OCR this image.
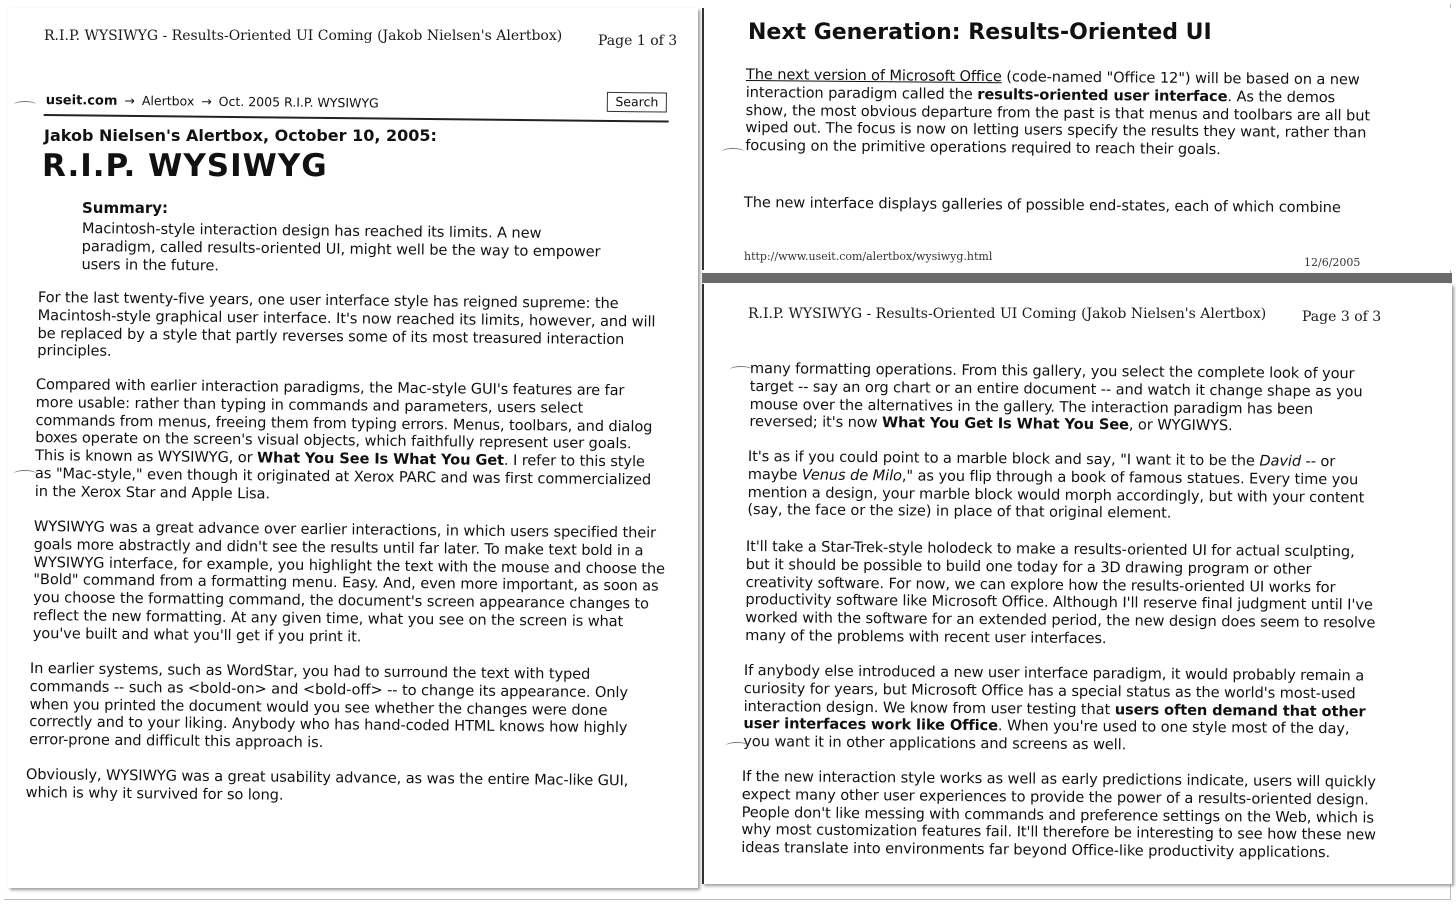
R.I.P. WYSIWYG - Results-Oriented UI Coming (Jakob Nielsen's Alertbox)	Page 1 of 3
useit.com → Alertbox → Oct. 2005 R.I.P. WYSIWYG	Search
Jakob Nielsen's Alertbox, October 10, 2005:
R.I.P. WYSIWYG
Summary:

Macintosh-style interaction design has reached its limits. A new paradigm, called results-oriented UI, might well be the way to empower users in the future.

For the last twenty-five years, one user interface style has reigned supreme: the Macintosh-style graphical user interface. It's now reached its limits, however, and will be replaced by a style that partly reverses some of its most treasured interaction principles.

Compared with earlier interaction paradigms, the Mac-style GUI's features are far more usable: rather than typing in commands and parameters, users select commands from menus, freeing them from typing errors. Menus, toolbars, and dialog boxes operate on the screen's visual objects, which faithfully represent user goals. This is known as WYSIWYG, or What You See Is What You Get. I refer to this style as "Mac-style," even though it originated at Xerox PARC and was first commercialized in the Xerox Star and Apple Lisa.

WYSIWYG was a great advance over earlier interactions, in which users specified their goals more abstractly and didn't see the results until far later. To make text bold in a WYSIWYG interface, for example, you highlight the text with the mouse and choose the "Bold" command from a formatting menu. Easy. And, even more important, as soon as you choose the formatting command, the document's screen appearance changes to reflect the new formatting. At any given time, what you see on the screen is what you've built and what you'll get if you print it.

In earlier systems, such as WordStar, you had to surround the text with typed commands -- such as <bold-on> and <bold-off> -- to change its appearance. Only when you printed the document would you see whether the changes were done correctly and to your liking. Anybody who has hand-coded HTML knows how highly error-prone and difficult this approach is.

Obviously, WYSIWYG was a great usability advance, as was the entire Mac-like GUI, which is why it survived for so long.

Next Generation: Results-Oriented UI

The next version of Microsoft Office (code-named "Office 12") will be based on a new interaction paradigm called the results-oriented user interface. As the demos show, the most obvious departure from the past is that menus and toolbars are all but wiped out. The focus is now on letting users specify the results they want, rather than focusing on the primitive operations required to reach their goals.

The new interface displays galleries of possible end-states, each of which combine

http://www.useit.com/alertbox/wysiwyg.html	12/6/2005
R.I.P. WYSIWYG - Results-Oriented UI Coming (Jakob Nielsen's Alertbox)	Page 3 of 3

many formatting operations. From this gallery, you select the complete look of your target -- say an org chart or an entire document -- and watch it change shape as you mouse over the alternatives in the gallery. The interaction paradigm has been reversed; it's now What You Get Is What You See, or WYGIWYS.

It's as if you could point to a marble block and say, "I want it to be the David -- or maybe Venus de Milo," as you flip through a book of famous statues. Every time you mention a design, your marble block would morph accordingly, but with your content (say, the face or the size) in place of that original element.

It'll take a Star-Trek-style holodeck to make a results-oriented UI for actual sculpting, but it should be possible to build one today for a 3D drawing program or other creativity software. For now, we can explore how the results-oriented UI works for productivity software like Microsoft Office. Although I'll reserve final judgment until I've worked with the software for an extended period, the new design does seem to resolve many of the problems with recent user interfaces.

If anybody else introduced a new user interface paradigm, it would probably remain a curiosity for years, but Microsoft Office has a special status as the world's most-used interaction design. We know from user testing that users often demand that other user interfaces work like Office. When you're used to one style most of the day, you want it in other applications and screens as well.

If the new interaction style works as well as early predictions indicate, users will quickly expect many other user experiences to provide the power of a results-oriented design. People don't like messing with commands and preference settings on the Web, which is why most customization features fail. It'll therefore be interesting to see how these new ideas translate into environments far beyond Office-like productivity applications.
